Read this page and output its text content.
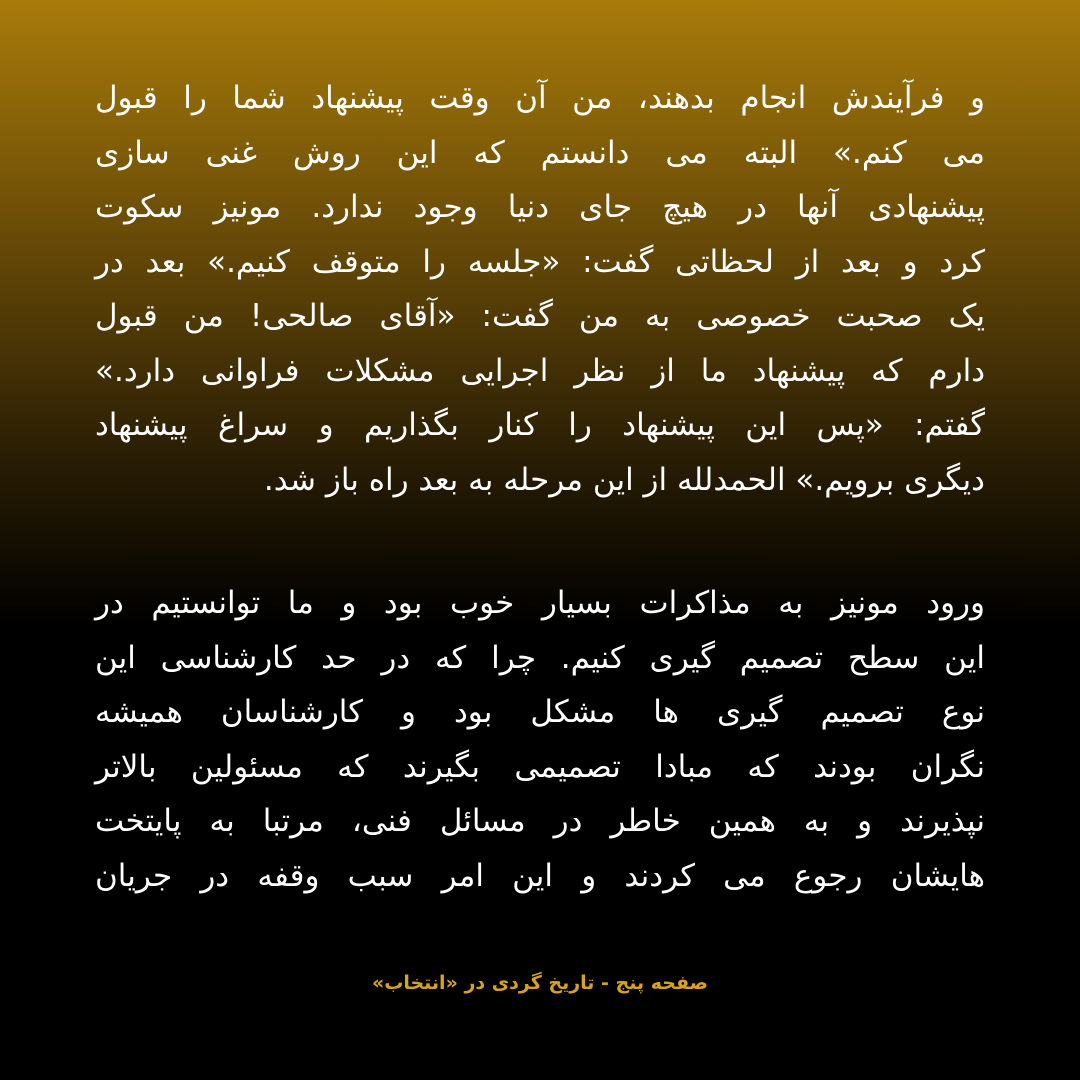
و فرآیندش انجام بدهند، من آن وقت پیشنهاد شما را قبول
می کنم.» البته می دانستم که این روش غنی سازی
پیشنهادی آنها در هیچ جای دنیا وجود ندارد. مونیز سکوت
کرد و بعد از لحظاتی گفت: «جلسه را متوقف کنیم.» بعد در
یک صحبت خصوصی به من گفت: «آقای صالحی! من قبول
دارم که پیشنهاد ما از نظر اجرایی مشکلات فراوانی دارد.»
گفتم: «پس این پیشنهاد را کنار بگذاریم و سراغ پیشنهاد
دیگری برویم.» الحمدلله از این مرحله به بعد راه باز شد.
ورود مونیز به مذاکرات بسیار خوب بود و ما توانستیم در
این سطح تصمیم گیری کنیم. چرا که در حد کارشناسی این
نوع تصمیم گیری ها مشکل بود و کارشناسان همیشه
نگران بودند که مبادا تصمیمی بگیرند که مسئولین بالاتر
نپذیرند و به همین خاطر در مسائل فنی، مرتبا به پایتخت
هایشان رجوع می کردند و این امر سبب وقفه در جریان
صفحه پنج - تاریخ گردی در «انتخاب»
